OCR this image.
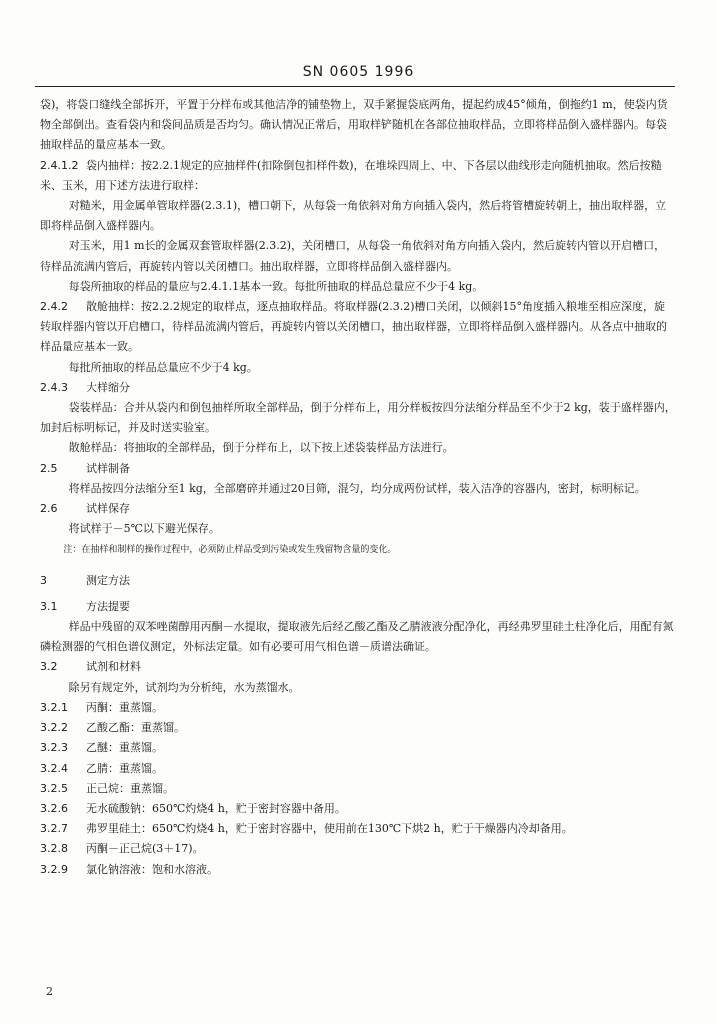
SN 0605 1996

袋)，将袋口缝线全部拆开，平置于分样布或其他洁净的铺垫物上，双手紧握袋底两角，提起约成45°倾角，倒拖约1 m，使袋内货物全部倒出。查看袋内和袋间品质是否均匀。确认情况正常后，用取样铲随机在各部位抽取样品，立即将样品倒入盛样器内。每袋抽取样品的量应基本一致。

2.4.1.2 袋内抽样：按2.2.1规定的应抽样件(扣除倒包扣样件数)，在堆垛四周上、中、下各层以曲线形走向随机抽取。然后按糙米、玉米，用下述方法进行取样：

对糙米，用金属单管取样器(2.3.1)，槽口朝下，从每袋一角依斜对角方向插入袋内，然后将管槽旋转朝上，抽出取样器，立即将样品倒入盛样器内。

对玉米，用1 m长的金属双套管取样器(2.3.2)，关闭槽口，从每袋一角依斜对角方向插入袋内，然后旋转内管以开启槽口，待样品流满内管后，再旋转内管以关闭槽口。抽出取样器，立即将样品倒入盛样器内。

每袋所抽取的样品的量应与2.4.1.1基本一致。每批所抽取的样品总量应不少于4 kg。

2.4.2 散舱抽样：按2.2.2规定的取样点，逐点抽取样品。将取样器(2.3.2)槽口关闭，以倾斜15°角度插入粮堆至相应深度，旋转取样器内管以开启槽口，待样品流满内管后，再旋转内管以关闭槽口，抽出取样器，立即将样品倒入盛样器内。从各点中抽取的样品量应基本一致。

每批所抽取的样品总量应不少于4 kg。

2.4.3 大样缩分

袋装样品：合并从袋内和倒包抽样所取全部样品，倒于分样布上，用分样板按四分法缩分样品至不少于2 kg，装于盛样器内，加封后标明标记，并及时送实验室。

散舱样品：将抽取的全部样品，倒于分样布上，以下按上述袋装样品方法进行。

2.5	试样制备

将样品按四分法缩分至1 kg，全部磨碎并通过20目筛，混匀，均分成两份试样，装入洁净的容器内，密封，标明标记。

2.6	试样保存

将试样于－5℃以下避光保存。

注：在抽样和制样的操作过程中，必须防止样品受到污染或发生残留物含量的变化。

3	测定方法

3.1	方法提要

样品中残留的双苯唑菌醇用丙酮－水提取，提取液先后经乙酸乙酯及乙腈液液分配净化，再经弗罗里硅土柱净化后，用配有氮磷检测器的气相色谱仪测定，外标法定量。如有必要可用气相色谱－质谱法确证。

3.2	试剂和材料

除另有规定外，试剂均为分析纯，水为蒸馏水。

3.2.1 丙酮：重蒸馏。

3.2.2 乙酸乙酯：重蒸馏。

3.2.3 乙醚：重蒸馏。

3.2.4 乙腈：重蒸馏。

3.2.5 正己烷：重蒸馏。

3.2.6 无水硫酸钠：650℃灼烧4 h，贮于密封容器中备用。

3.2.7 弗罗里硅土：650℃灼烧4 h，贮于密封容器中，使用前在130℃下烘2 h，贮于干燥器内冷却备用。

3.2.8 丙酮－正己烷(3＋17)。

3.2.9 氯化钠溶液：饱和水溶液。

2
